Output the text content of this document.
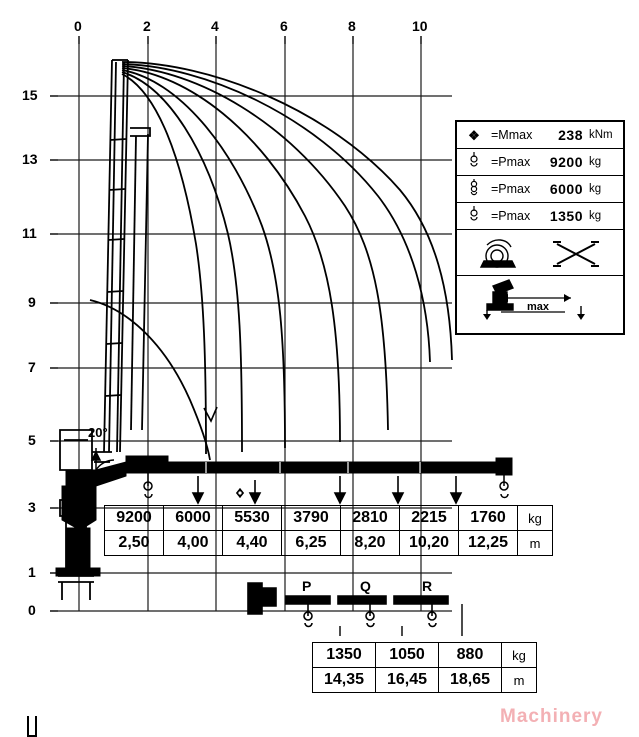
0	2	4	6	8	10
15
13
11
9
7
5
3
1
0
20°
❖ =Mmax	238 kNm
=Pmax	9200 kg
=Pmax	6000 kg
=Pmax	1350 kg
max
9200	6000	5530	3790	2810	2215	1760	kg
2,50	4,00	4,40	6,25	8,20	10,20	12,25	m
P	Q	R
1350	1050	880	kg
14,35	16,45	18,65	m
Machinery
